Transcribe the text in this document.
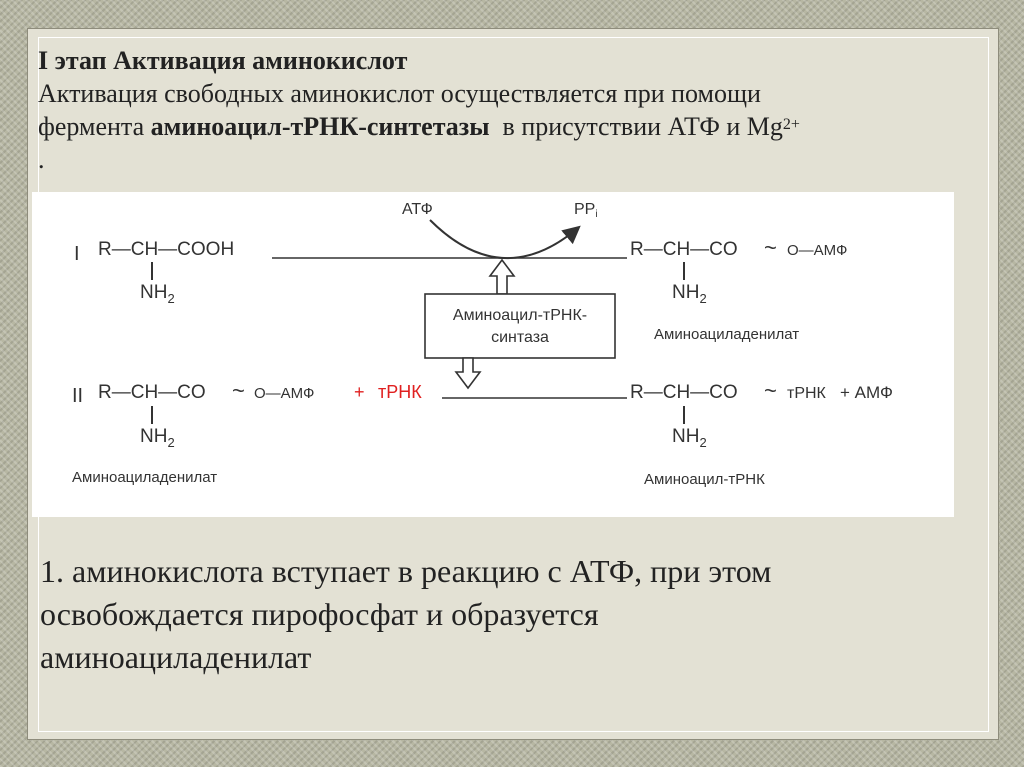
I этап Активация аминокислот
Активация свободных аминокислот осуществляется при помощи
фермента аминоацил-тРНК-синтетазы  в присутствии АТФ и $Mg^{2+}$
.
I R—CH—COOH
$NH_2$
АТФ	PPi
Аминоацил-тРНК-
синтаза
R—CH—CO ~ O—АМФ
$NH_2$
Аминоациладенилат
II R—CH—CO ~ O—АМФ + тРНК
$NH_2$
Аминоациладенилат
R—CH—CO ~ тРНК + АМФ
$NH_2$
Аминоацил-тРНК
1. аминокислота вступает в реакцию с АТФ, при этом
освобождается пирофосфат и образуется
аминоациладенилат
